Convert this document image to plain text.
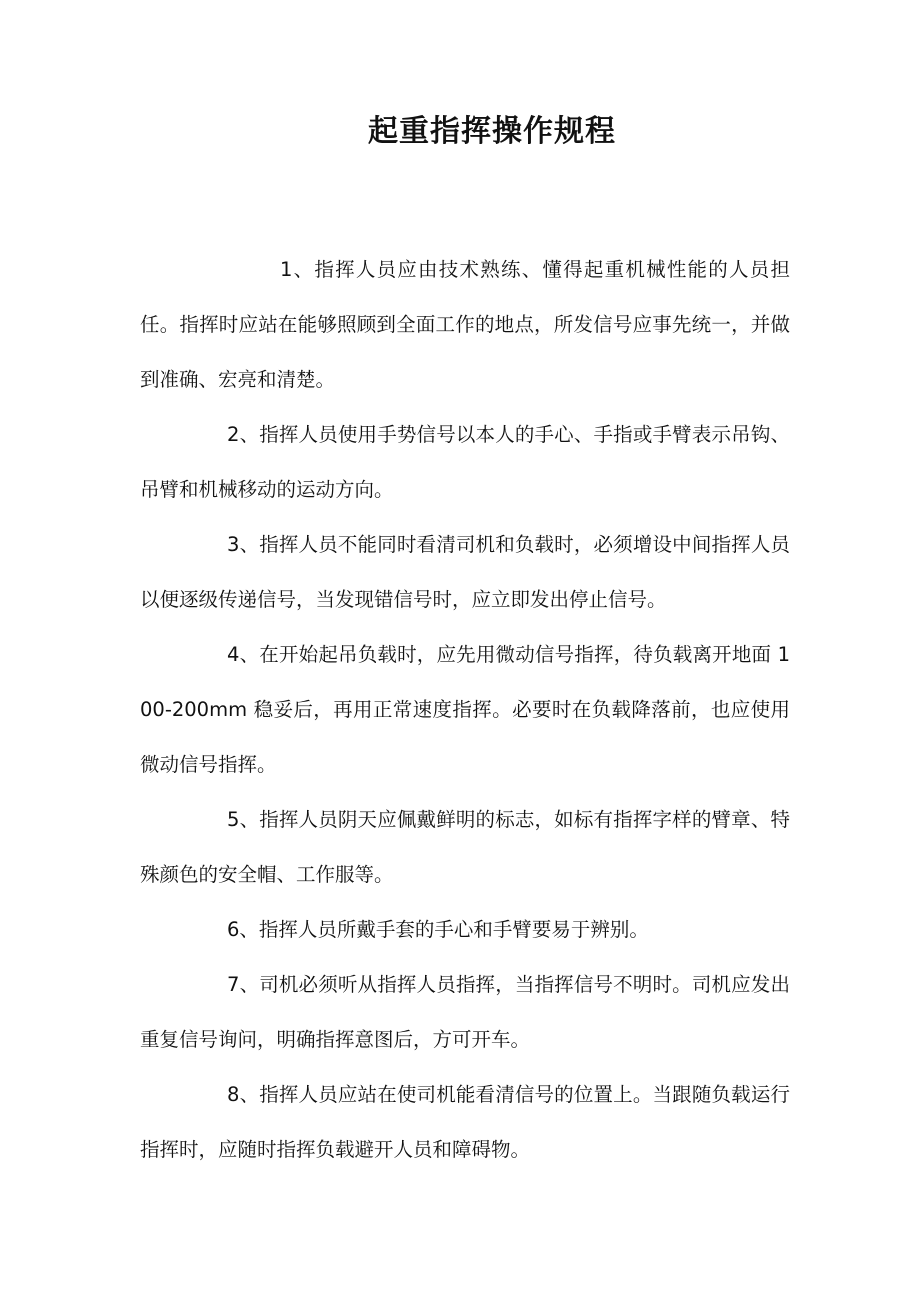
起重指挥操作规程

1、指挥人员应由技术熟练、懂得起重机械性能的人员担任。指挥时应站在能够照顾到全面工作的地点，所发信号应事先统一，并做到准确、宏亮和清楚。

2、指挥人员使用手势信号以本人的手心、手指或手臂表示吊钩、吊臂和机械移动的运动方向。

3、指挥人员不能同时看清司机和负载时，必须增设中间指挥人员以便逐级传递信号，当发现错信号时，应立即发出停止信号。

4、在开始起吊负载时，应先用微动信号指挥，待负载离开地面 100-200mm 稳妥后，再用正常速度指挥。必要时在负载降落前，也应使用微动信号指挥。

5、指挥人员阴天应佩戴鲜明的标志，如标有指挥字样的臂章、特殊颜色的安全帽、工作服等。

6、指挥人员所戴手套的手心和手臂要易于辨别。

7、司机必须听从指挥人员指挥，当指挥信号不明时。司机应发出重复信号询问，明确指挥意图后，方可开车。

8、指挥人员应站在使司机能看清信号的位置上。当跟随负载运行指挥时，应随时指挥负载避开人员和障碍物。
